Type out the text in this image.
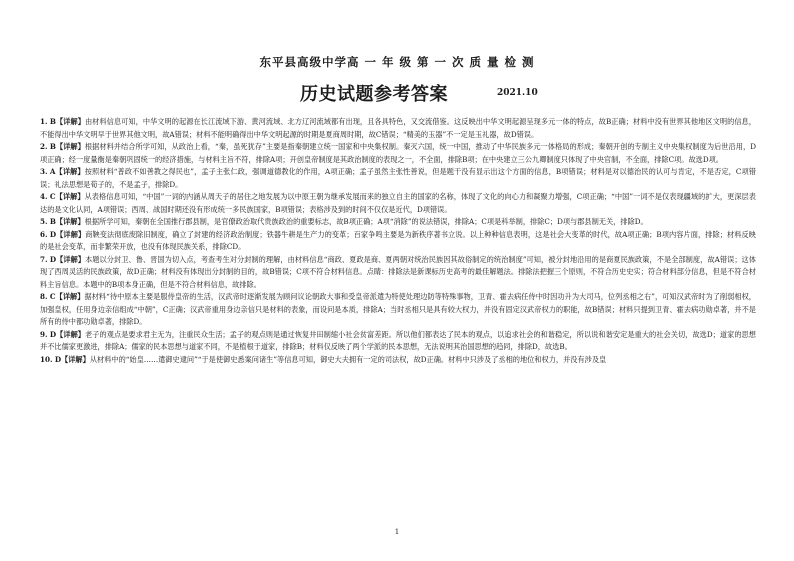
东平县高级中学高 一 年 级 第 一 次 质 量 检 测
历史试题参考答案	2021.10

1. B【详解】由材料信息可知，中华文明的起源在长江流域下游、黄河流域、北方辽河流域都有出现，且各具特色，又交流借鉴。这反映出中华文明起源呈现多元一体的特点，故B正确；材料中没有世界其他地区文明的信息，不能得出中华文明早于世界其他文明，故A错误；材料不能明确得出中华文明起源的时期是夏商周时期，故C错误；“精美的玉器”不一定是玉礼器，故D错误。

2. B【详解】根据材料并结合所学可知，从政治上看，“秦，虽死犹存”主要是指秦朝建立统一国家和中央集权制。秦灭六国，统一中国，推动了中华民族多元一体格局的形成；秦朝开创的专制主义中央集权制度为后世沿用，D项正确；经一度量衡是秦朝巩固统一的经济措施，与材料主旨不符，排除A项；开创皇帝制度是其政治制度的表现之一，不全面，排除B项；在中央建立三公九卿制度只体现了中央官制，不全面，排除C项。故选D项。

3. A【详解】按照材料“普政不如善教之得民也”，孟子主张仁政，强调道德教化的作用，A项正确；孟子虽然主张性善说，但是题干没有显示出这个方面的信息，B项错误；材料是对以德治民的认可与肯定，不是否定，C项错误；礼法思想是荀子的，不是孟子，排除D。

4. C【详解】从表格信息可知，“中国”一词的内涵从周天子的居住之地发展为以中原王朝为继承发展而来的独立自主的国家的名称，体现了文化的向心力和凝聚力增强，C项正确；“中国”一词不是仅表现疆域的扩大，更深层表达的是文化认同，A项错误；西周、战国时期还没有形成统一多民族国家，B项错误；表格涉及到的时间不仅仅是近代，D项错误。

5. B【详解】根据所学可知，秦朝在全国推行郡县制，是官僚政治取代贵族政治的重要标志，故B项正确；A项“消除”的说法错误，排除A；C项是科举制，排除C；D项与郡县制无关，排除D。

6. D【详解】商鞅变法彻底废除旧制度，确立了封建的经济政治制度；铁器牛耕是生产力的变革；百家争鸣主要是为新秩序著书立说。以上种种信息表明，这是社会大变革的时代，故A项正确；B项内容片面，排除；材料反映的是社会变革，而非繁荣开放，也没有体现民族关系，排除CD。

7. D【详解】本题以分封卫、鲁、晋国为切入点，考查考生对分封制的理解，由材料信息“商政、夏政是商、夏两朝对统治民族因其故俗制定的统治制度”可知，被分封地沿用的是商夏民族政策，不是全部制度，故A错误；这体现了西周灵活的民族政策，故D正确；材料没有体现出分封制的目的，故B错误；C项不符合材料信息。点睛：排除法是新课标历史高考的最佳解题法。排除法把握三个原则，不符合历史史实；符合材料部分信息，但是不符合材料主旨信息。本题中的B项本身正确，但是不符合材料信息，故排除。

8. C【详解】据材料“待中原本主要是服侍皇帝的生活，汉武帝时逐渐发展为顾问议论朝政大事和受皇帝派遣为特使处理边防等特殊事物，卫青、霍去病任侍中时因功升为大司马，位列丞相之右”，可知汉武帝时为了削弱相权，加强皇权，任用身边亲信组成“中朝”，C正确；汉武帝重用身边亲信只是材料的表象，而设问是本质，排除A；当时丞相只是具有较大权力，并没有固定汉武帝权力的职能，故B错误；材料只提到卫青、霍去病功勋卓著，并不是所有的侍中都功勋卓著，排除D。

9. D【详解】老子的观点是要求君主无为，注重民众生活；孟子的观点则是通过恢复井田制缩小社会贫富差距。所以他们都表达了民本的观点，以追求社会的和谐稳定，所以说和谐安定是重大的社会关切，故选D；道家的思想并不比儒家更激进，排除A；儒家的民本思想与道家不同，不是植根于道家，排除B；材料仅反映了两个学派的民本思想，无法说明其治国思想的趋同，排除D，故选B。

10. D【详解】从材料中的“始皇……遣御史逮问”“于是使御史悉案问诸生”等信息可知，御史大夫拥有一定的司法权，故D正确。材料中只涉及了丞相的地位和权力，并没有涉及皇

1
